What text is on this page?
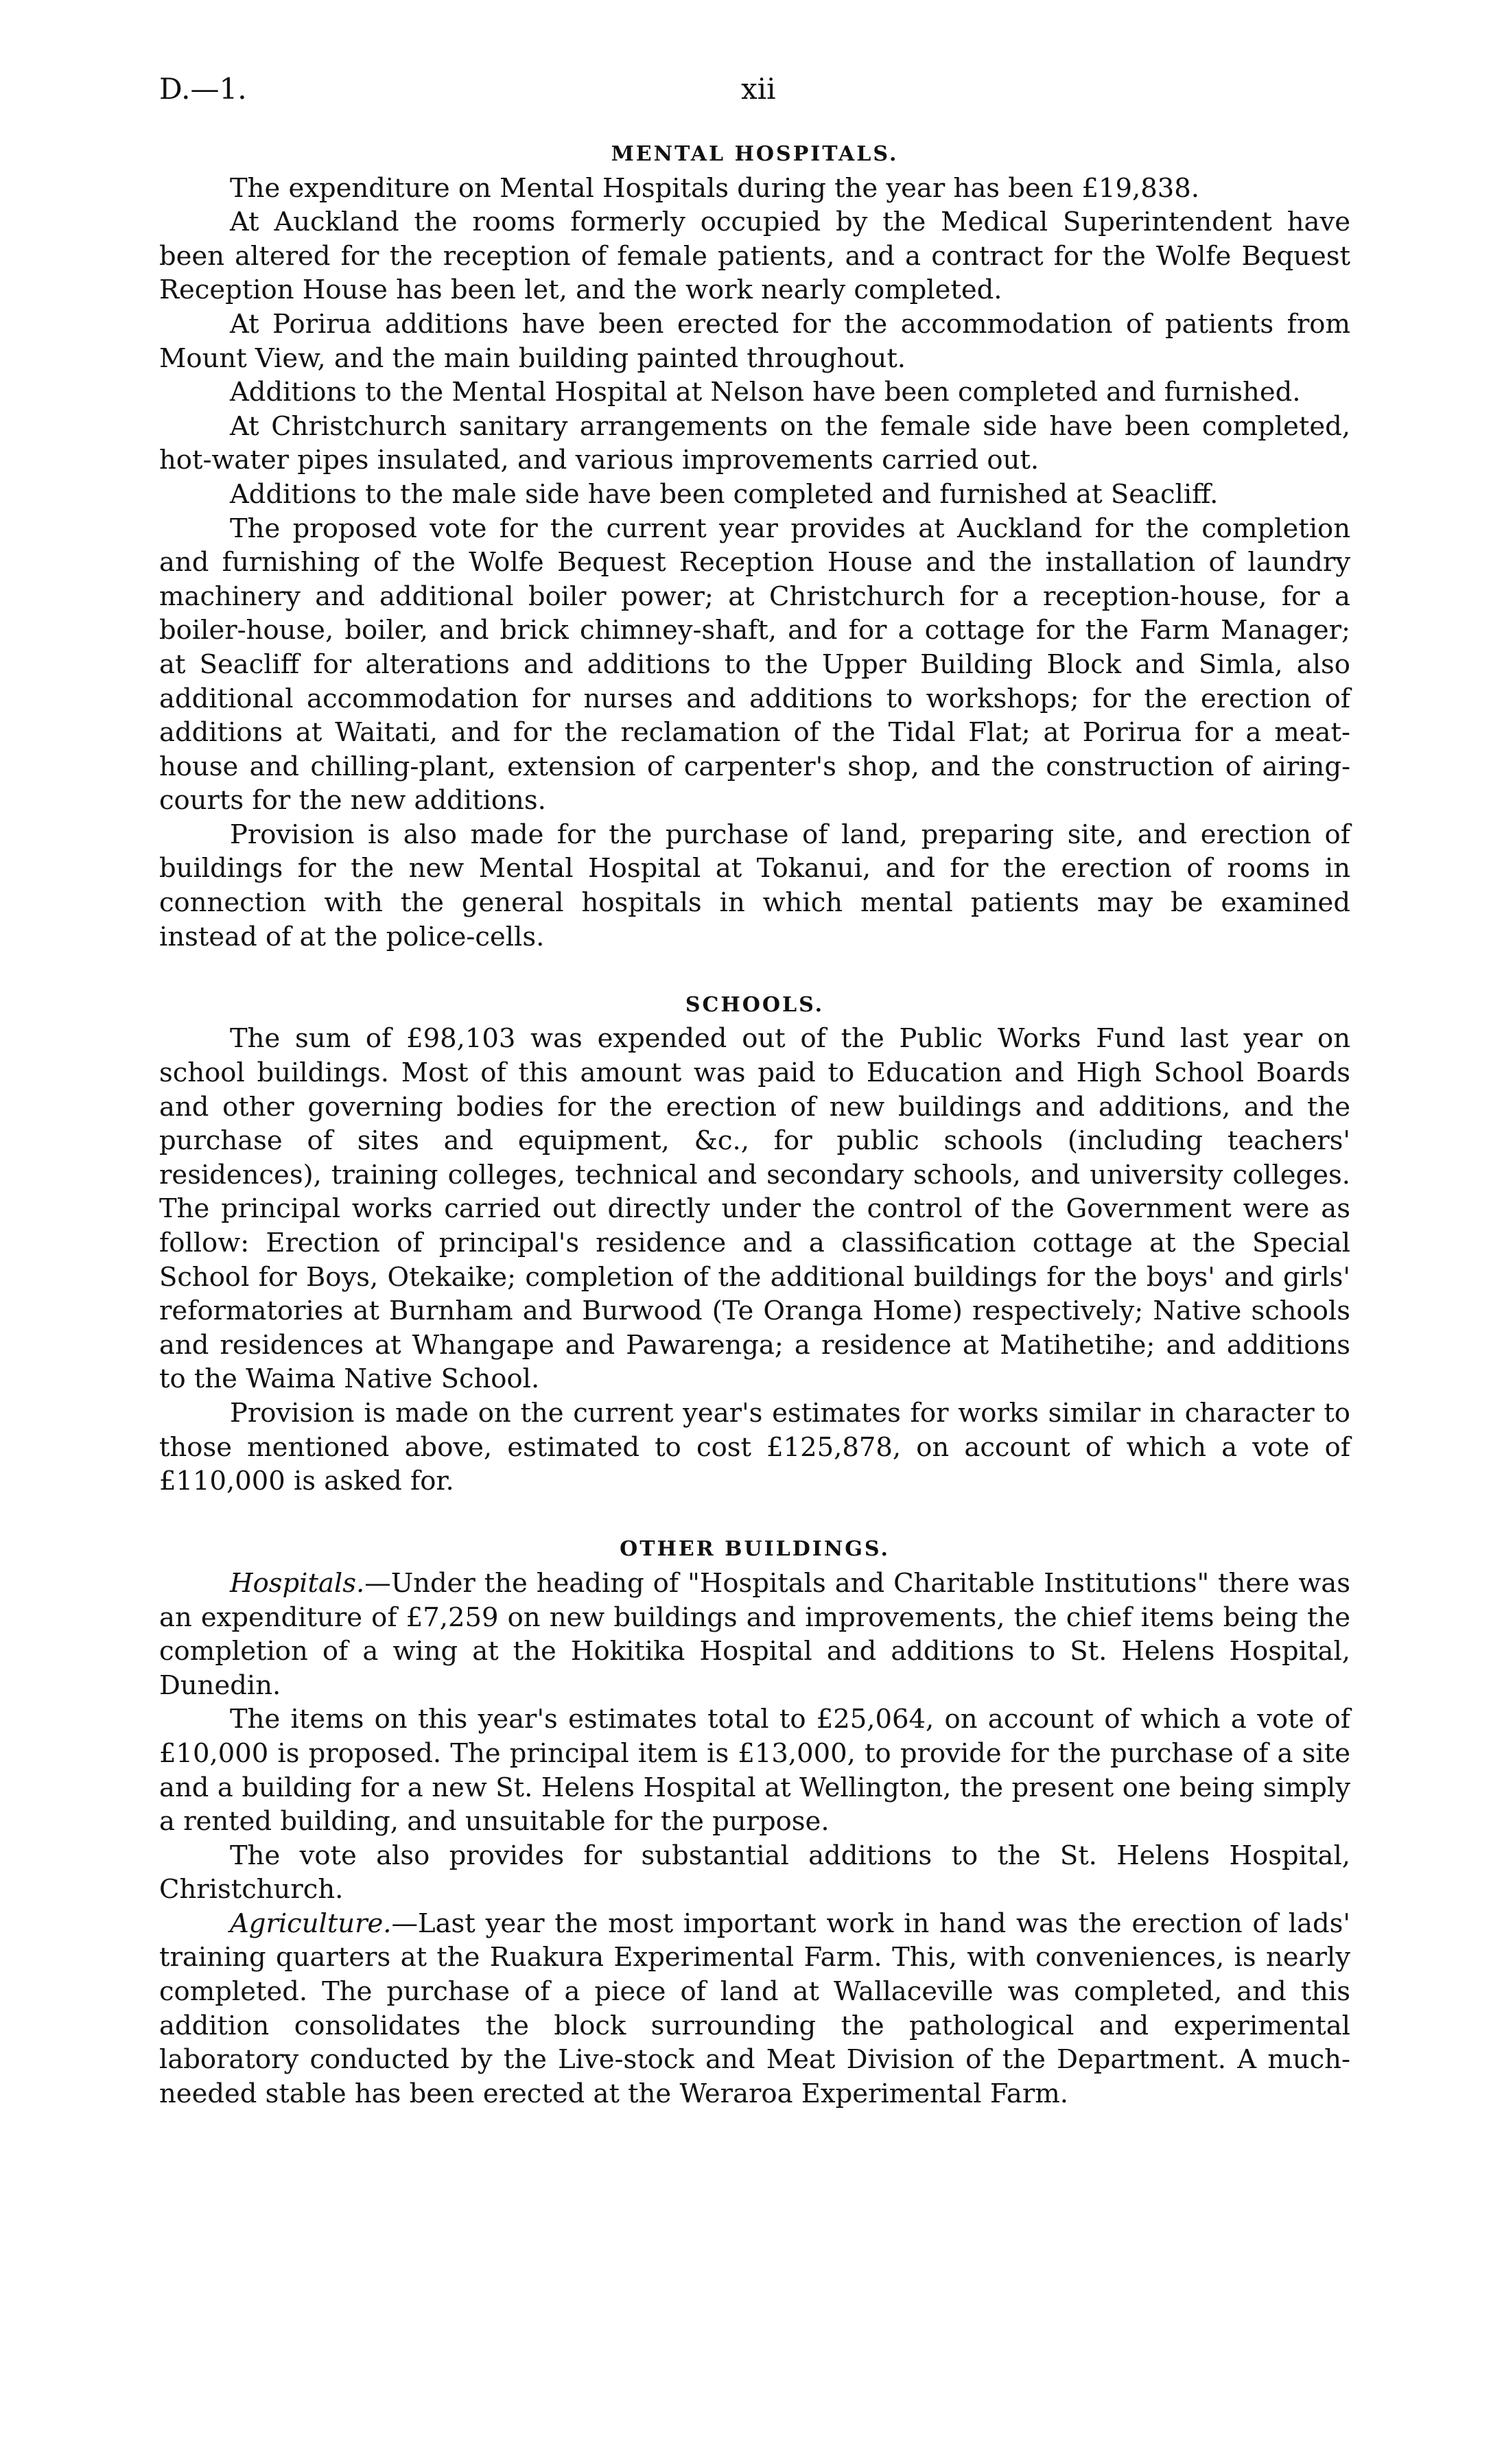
D.—1.	xii
MENTAL HOSPITALS.

The expenditure on Mental Hospitals during the year has been £19,838.

At Auckland the rooms formerly occupied by the Medical Superintendent have been altered for the reception of female patients, and a contract for the Wolfe Bequest Reception House has been let, and the work nearly completed.

At Porirua additions have been erected for the accommodation of patients from Mount View, and the main building painted throughout.

Additions to the Mental Hospital at Nelson have been completed and furnished.

At Christchurch sanitary arrangements on the female side have been completed, hot-water pipes insulated, and various improvements carried out.

Additions to the male side have been completed and furnished at Seacliff.

The proposed vote for the current year provides at Auckland for the completion and furnishing of the Wolfe Bequest Reception House and the installation of laundry machinery and additional boiler power; at Christchurch for a reception-house, for a boiler-house, boiler, and brick chimney-shaft, and for a cottage for the Farm Manager; at Seacliff for alterations and additions to the Upper Building Block and Simla, also additional accommodation for nurses and additions to workshops; for the erection of additions at Waitati, and for the reclamation of the Tidal Flat; at Porirua for a meat-house and chilling-plant, extension of carpenter's shop, and the construction of airing-courts for the new additions.

Provision is also made for the purchase of land, preparing site, and erection of buildings for the new Mental Hospital at Tokanui, and for the erection of rooms in connection with the general hospitals in which mental patients may be examined instead of at the police-cells.

SCHOOLS.

The sum of £98,103 was expended out of the Public Works Fund last year on school buildings. Most of this amount was paid to Education and High School Boards and other governing bodies for the erection of new buildings and additions, and the purchase of sites and equipment, &c., for public schools (including teachers' residences), training colleges, technical and secondary schools, and university colleges. The principal works carried out directly under the control of the Government were as follow: Erection of principal's residence and a classification cottage at the Special School for Boys, Otekaike; completion of the additional buildings for the boys' and girls' reformatories at Burnham and Burwood (Te Oranga Home) respectively; Native schools and residences at Whangape and Pawarenga; a residence at Matihetihe; and additions to the Waima Native School.

Provision is made on the current year's estimates for works similar in character to those mentioned above, estimated to cost £125,878, on account of which a vote of £110,000 is asked for.

OTHER BUILDINGS.

Hospitals.—Under the heading of "Hospitals and Charitable Institutions" there was an expenditure of £7,259 on new buildings and improvements, the chief items being the completion of a wing at the Hokitika Hospital and additions to St. Helens Hospital, Dunedin.

The items on this year's estimates total to £25,064, on account of which a vote of £10,000 is proposed. The principal item is £13,000, to provide for the purchase of a site and a building for a new St. Helens Hospital at Wellington, the present one being simply a rented building, and unsuitable for the purpose.

The vote also provides for substantial additions to the St. Helens Hospital, Christchurch.

Agriculture.—Last year the most important work in hand was the erection of lads' training quarters at the Ruakura Experimental Farm. This, with conveniences, is nearly completed. The purchase of a piece of land at Wallaceville was completed, and this addition consolidates the block surrounding the pathological and experimental laboratory conducted by the Live-stock and Meat Division of the Department. A much-needed stable has been erected at the Weraroa Experimental Farm.
